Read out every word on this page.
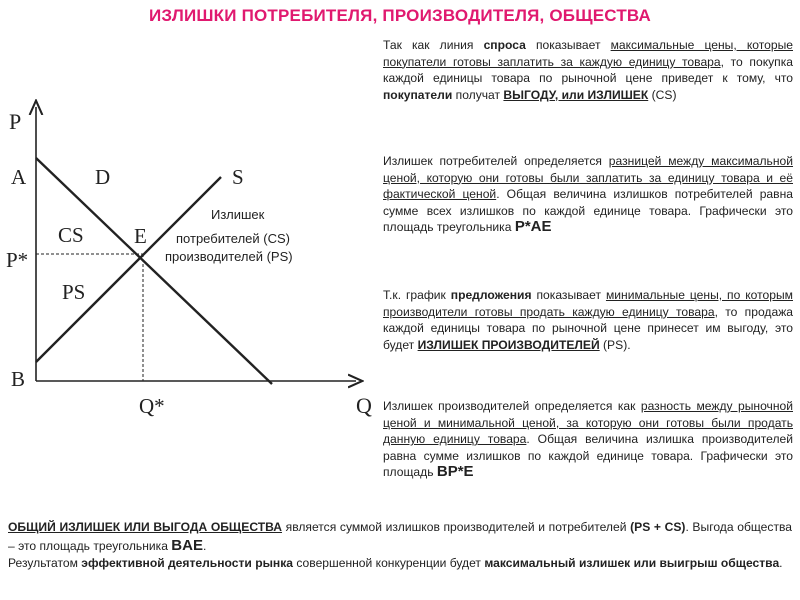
ИЗЛИШКИ ПОТРЕБИТЕЛЯ, ПРОИЗВОДИТЕЛЯ, ОБЩЕСТВА
P
A	D	S
CS E
P*
PS
B
Q*	Q
Излишек
потребителей (CS)
производителей (PS)

Так как линия спроса показывает максимальные цены, которые покупатели готовы заплатить за каждую единицу товара, то покупка каждой единицы товара по рыночной цене приведет к тому, что покупатели получат ВЫГОДУ, или ИЗЛИШЕК (CS)

Излишек потребителей определяется разницей между максимальной ценой, которую они готовы были заплатить за единицу товара и её фактической ценой. Общая величина излишков потребителей равна сумме всех излишков по каждой единице товара. Графически это площадь треугольника P*AE

Т.к. график предложения показывает минимальные цены, по которым производители готовы продать каждую единицу товара, то продажа каждой единицы товара по рыночной цене принесет им выгоду, это будет ИЗЛИШЕК ПРОИЗВОДИТЕЛЕЙ (PS).

Излишек производителей определяется как разность между рыночной ценой и минимальной ценой, за которую они готовы были продать данную единицу товара. Общая величина излишка производителей равна сумме излишков по каждой единице товара. Графически это площадь BP*E

ОБЩИЙ ИЗЛИШЕК ИЛИ ВЫГОДА ОБЩЕСТВА является суммой излишков производителей и потребителей (PS + CS). Выгода общества – это площадь треугольника BAE.

Результатом эффективной деятельности рынка совершенной конкуренции будет максимальный излишек или выигрыш общества.
